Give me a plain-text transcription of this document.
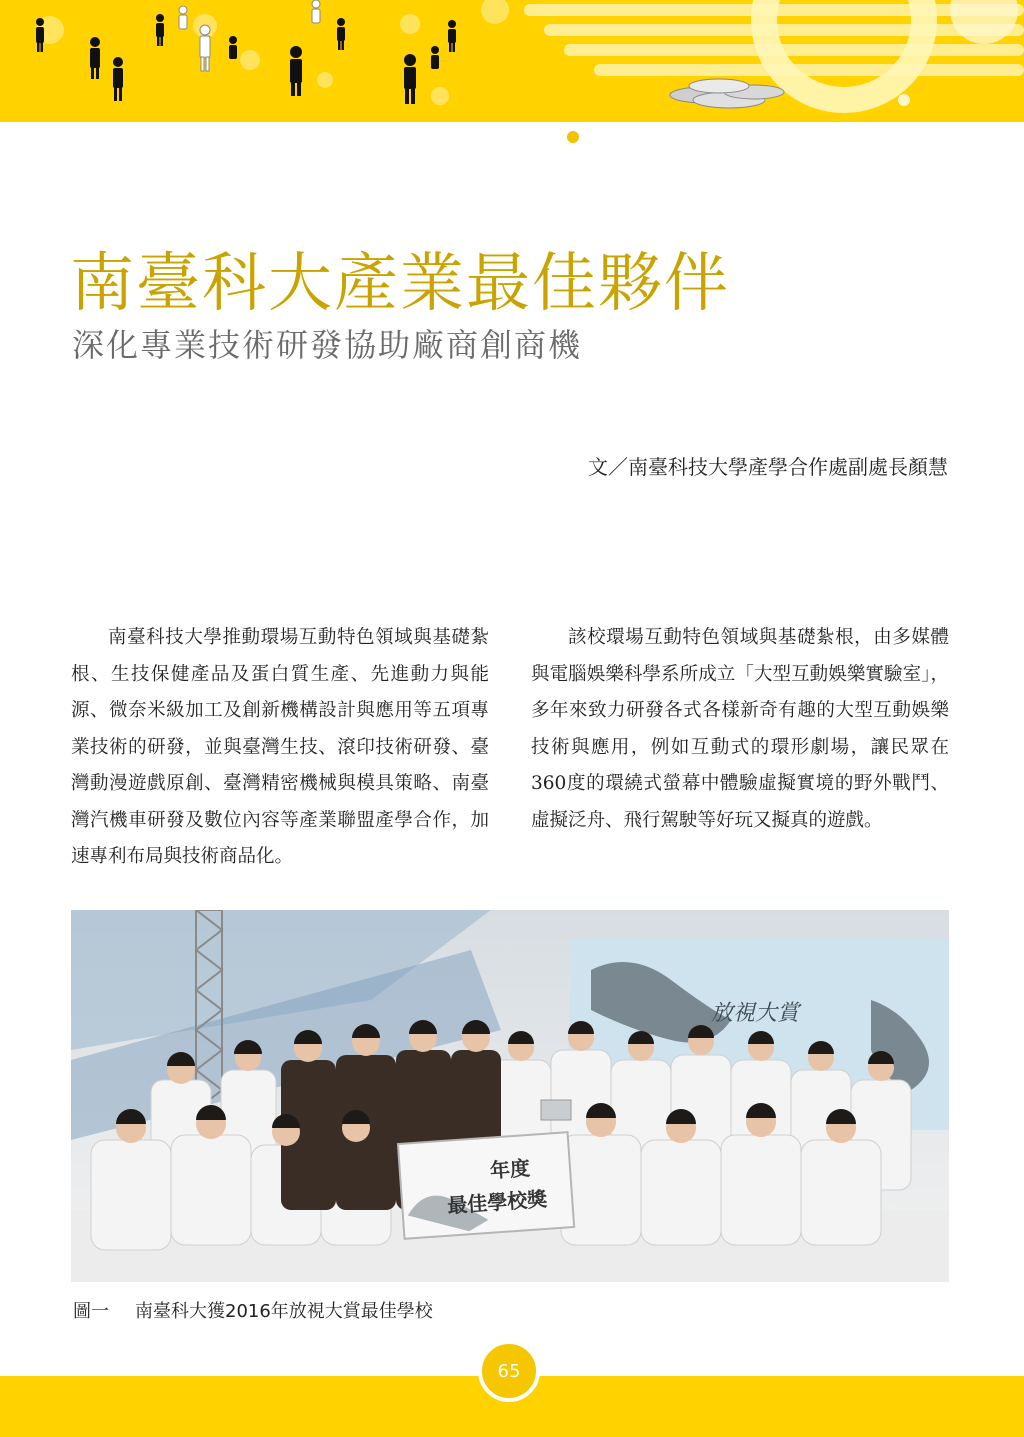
南臺科大產業最佳夥伴
深化專業技術研發協助廠商創商機
文／南臺科技大學產學合作處副處長顏慧

南臺科技大學推動環場互動特色領域與基礎紮根、生技保健產品及蛋白質生產、先進動力與能源、微奈米級加工及創新機構設計與應用等五項專業技術的研發，並與臺灣生技、滾印技術研發、臺灣動漫遊戲原創、臺灣精密機械與模具策略、南臺灣汽機車研發及數位內容等產業聯盟產學合作，加速專利布局與技術商品化。

該校環場互動特色領域與基礎紮根，由多媒體與電腦娛樂科學系所成立「大型互動娛樂實驗室」，多年來致力研發各式各樣新奇有趣的大型互動娛樂技術與應用，例如互動式的環形劇場，讓民眾在360度的環繞式螢幕中體驗虛擬實境的野外戰鬥、虛擬泛舟、飛行駕駛等好玩又擬真的遊戲。

放視大賞
年度
最佳學校獎
圖一 南臺科大獲2016年放視大賞最佳學校
65
